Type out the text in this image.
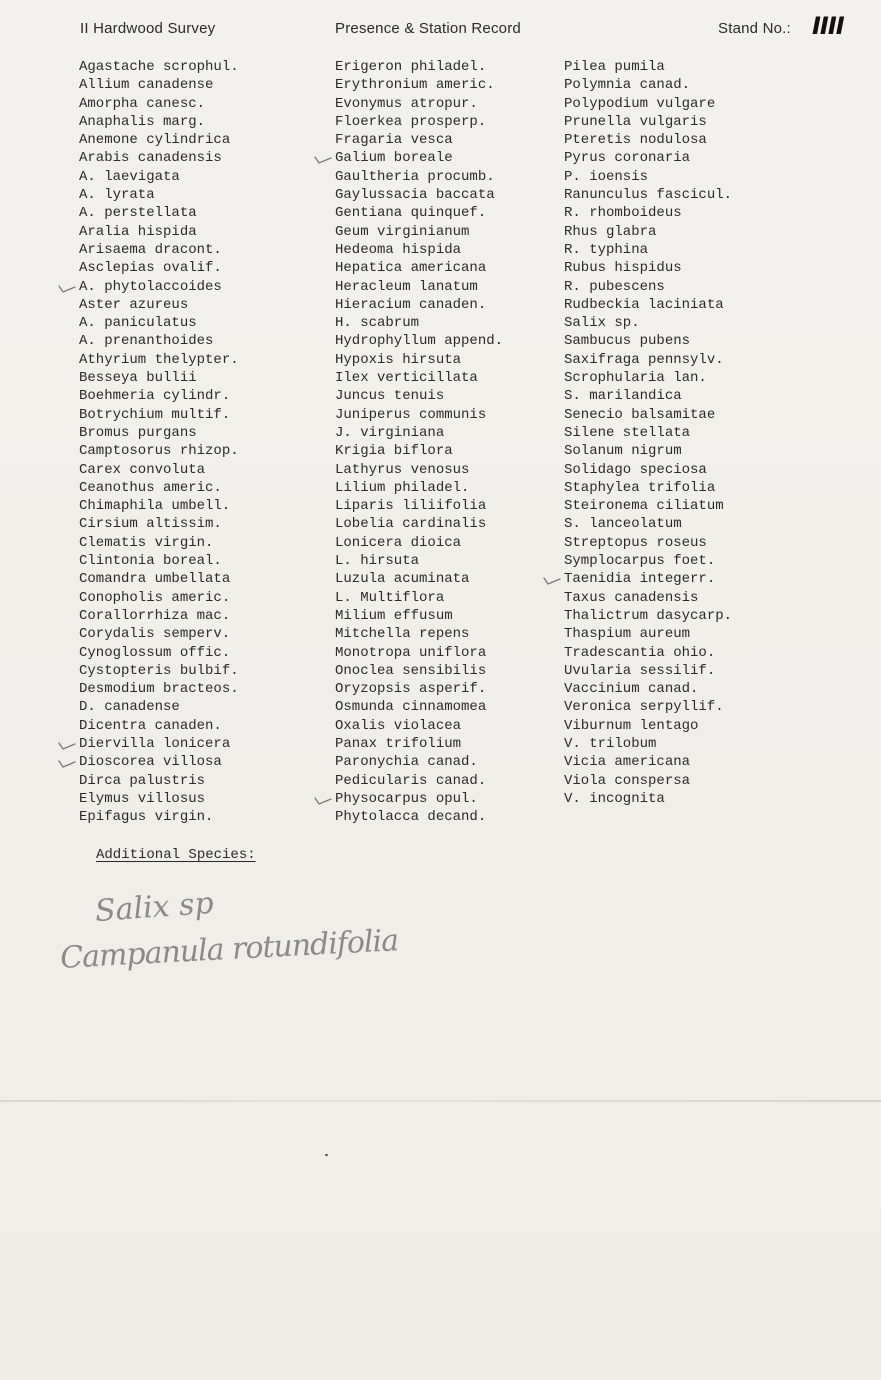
II Hardwood Survey	Presence & Station Record	Stand No.: IIII
Agastache scrophul.
Allium canadense
Amorpha canesc.
Anaphalis marg.
Anemone cylindrica
Arabis canadensis
A. laevigata
A. lyrata
A. perstellata
Aralia hispida
Arisaema dracont.
Asclepias ovalif.
A. phytolaccoides
Aster azureus
A. paniculatus
A. prenanthoides
Athyrium thelypter.
Besseya bullii
Boehmeria cylindr.
Botrychium multif.
Bromus purgans
Camptosorus rhizop.
Carex convoluta
Ceanothus americ.
Chimaphila umbell.
Cirsium altissim.
Clematis virgin.
Clintonia boreal.
Comandra umbellata
Conopholis americ.
Corallorrhiza mac.
Corydalis semperv.
Cynoglossum offic.
Cystopteris bulbif.
Desmodium bracteos.
D. canadense
Dicentra canaden.
Diervilla lonicera
Dioscorea villosa
Dirca palustris
Elymus villosus
Epifagus virgin.
Erigeron philadel.
Erythronium americ.
Evonymus atropur.
Floerkea prosperp.
Fragaria vesca
Galium boreale
Gaultheria procumb.
Gaylussacia baccata
Gentiana quinquef.
Geum virginianum
Hedeoma hispida
Hepatica americana
Heracleum lanatum
Hieracium canaden.
H. scabrum
Hydrophyllum append.
Hypoxis hirsuta
Ilex verticillata
Juncus tenuis
Juniperus communis
J. virginiana
Krigia biflora
Lathyrus venosus
Lilium philadel.
Liparis liliifolia
Lobelia cardinalis
Lonicera dioica
L. hirsuta
Luzula acuminata
L. Multiflora
Milium effusum
Mitchella repens
Monotropa uniflora
Onoclea sensibilis
Oryzopsis asperif.
Osmunda cinnamomea
Oxalis violacea
Panax trifolium
Paronychia canad.
Pedicularis canad.
Physocarpus opul.
Phytolacca decand.
Pilea pumila
Polymnia canad.
Polypodium vulgare
Prunella vulgaris
Pteretis nodulosa
Pyrus coronaria
P. ioensis
Ranunculus fascicul.
R. rhomboideus
Rhus glabra
R. typhina
Rubus hispidus
R. pubescens
Rudbeckia laciniata
Salix sp.
Sambucus pubens
Saxifraga pennsylv.
Scrophularia lan.
S. marilandica
Senecio balsamitae
Silene stellata
Solanum nigrum
Solidago speciosa
Staphylea trifolia
Steironema ciliatum
S. lanceolatum
Streptopus roseus
Symplocarpus foet.
Taenidia integerr.
Taxus canadensis
Thalictrum dasycarp.
Thaspium aureum
Tradescantia ohio.
Uvularia sessilif.
Vaccinium canad.
Veronica serpyllif.
Viburnum lentago
V. trilobum
Vicia americana
Viola conspersa
V. incognita
Additional Species:
Salix sp
Campanula rotundifolia
